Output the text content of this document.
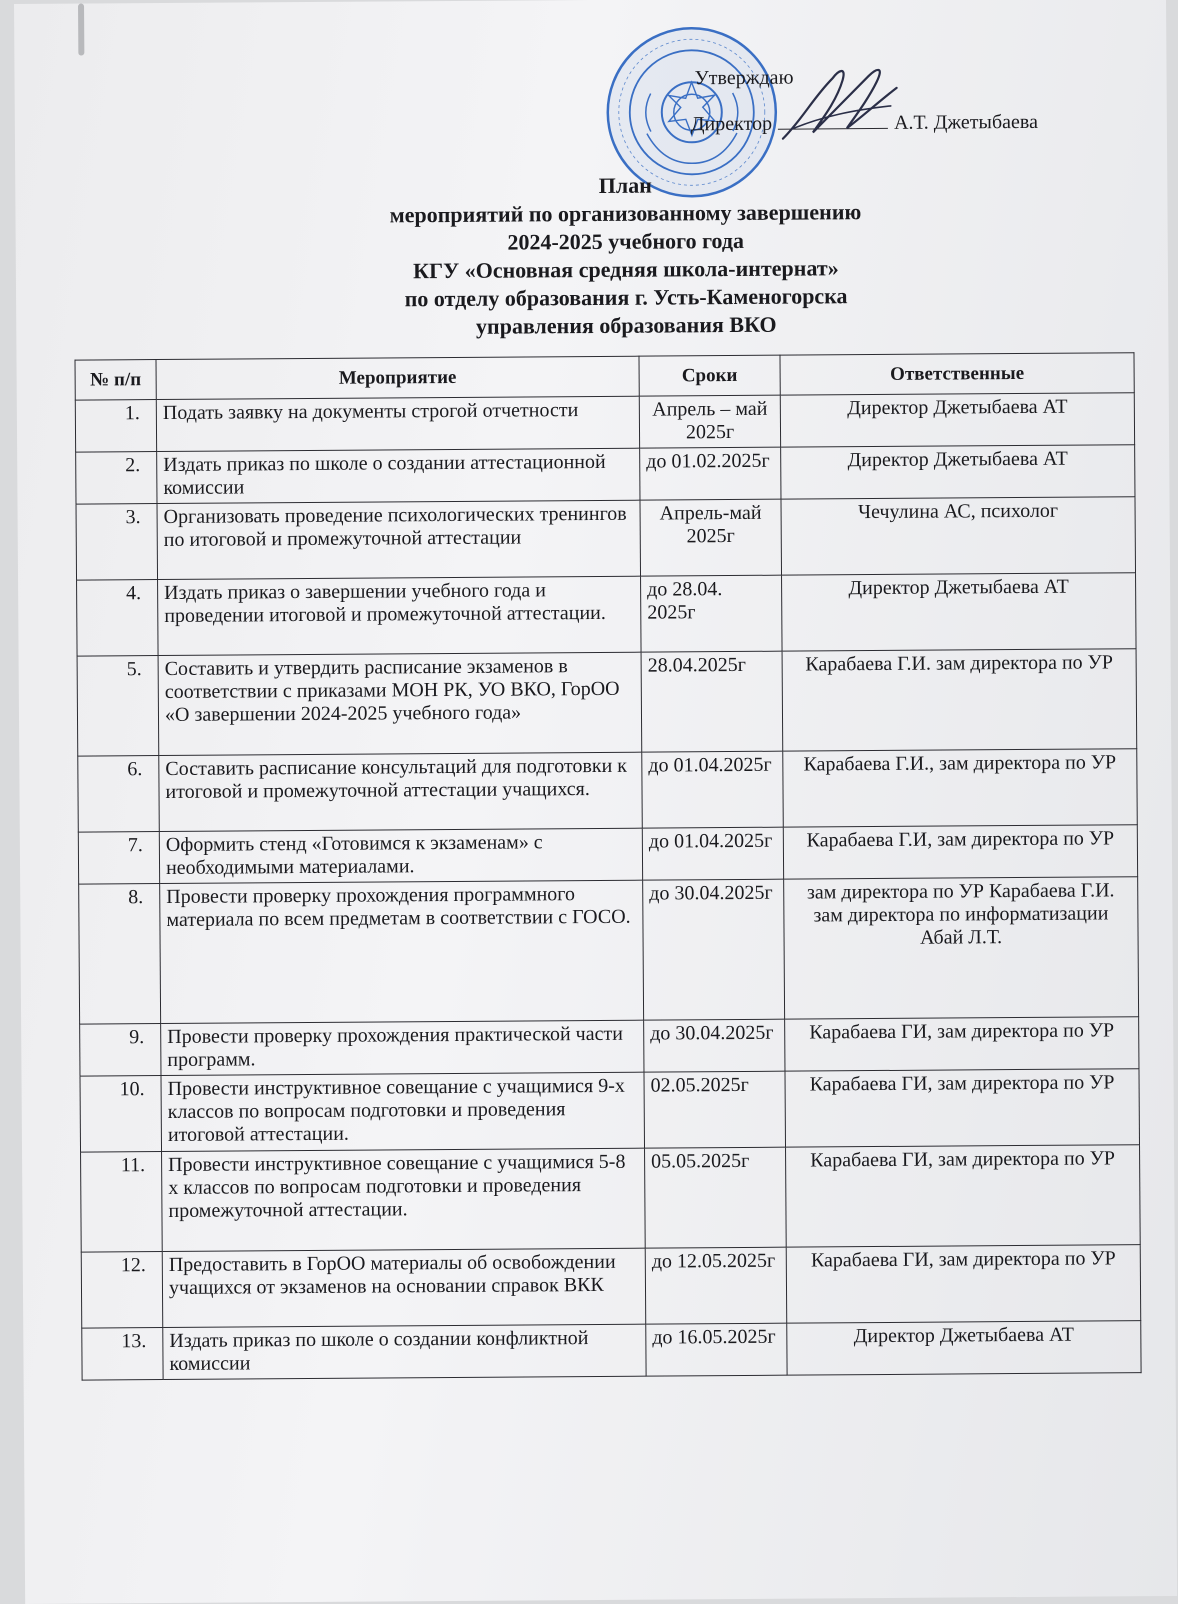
Утверждаю
Директор	А.Т. Джетыбаева
План
мероприятий по организованному завершению
2024-2025 учебного года
КГУ «Основная средняя школа-интернат»
по отделу образования г. Усть-Каменогорска
управления образования ВКО
№ п/п	Мероприятие	Сроки	Ответственные
1.	Подать заявку на документы строгой отчетности	Апрель – май 2025г	Директор Джетыбаева АТ
2.	Издать приказ по школе о создании аттестационной комиссии	до 01.02.2025г	Директор Джетыбаева АТ
3.	Организовать проведение психологических тренингов по итоговой и промежуточной аттестации	Апрель-май 2025г	Чечулина АС, психолог
4.	Издать приказ о завершении учебного года и проведении итоговой и промежуточной аттестации.	до 28.04. 2025г	Директор Джетыбаева АТ
5.	Составить и утвердить расписание экзаменов в соответствии с приказами МОН РК, УО ВКО, ГорОО «О завершении 2024-2025 учебного года»	28.04.2025г	Карабаева Г.И. зам директора по УР
6.	Составить расписание консультаций для подготовки к итоговой и промежуточной аттестации учащихся.	до 01.04.2025г	Карабаева Г.И., зам директора по УР
7.	Оформить стенд «Готовимся к экзаменам» с необходимыми материалами.	до 01.04.2025г	Карабаева Г.И, зам директора по УР
8.	Провести проверку прохождения программного материала по всем предметам в соответствии с ГОСО.	до 30.04.2025г	зам директора по УР Карабаева Г.И. зам директора по информатизации Абай Л.Т.
9.	Провести проверку прохождения практической части программ.	до 30.04.2025г	Карабаева ГИ, зам директора по УР
10.	Провести инструктивное совещание с учащимися 9-х классов по вопросам подготовки и проведения итоговой аттестации.	02.05.2025г	Карабаева ГИ, зам директора по УР
11.	Провести инструктивное совещание с учащимися 5-8 х классов по вопросам подготовки и проведения промежуточной аттестации.	05.05.2025г	Карабаева ГИ, зам директора по УР
12.	Предоставить в ГорОО материалы об освобождении учащихся от экзаменов на основании справок ВКК	до 12.05.2025г	Карабаева ГИ, зам директора по УР
13.	Издать приказ по школе о создании конфликтной комиссии	до 16.05.2025г	Директор Джетыбаева АТ
